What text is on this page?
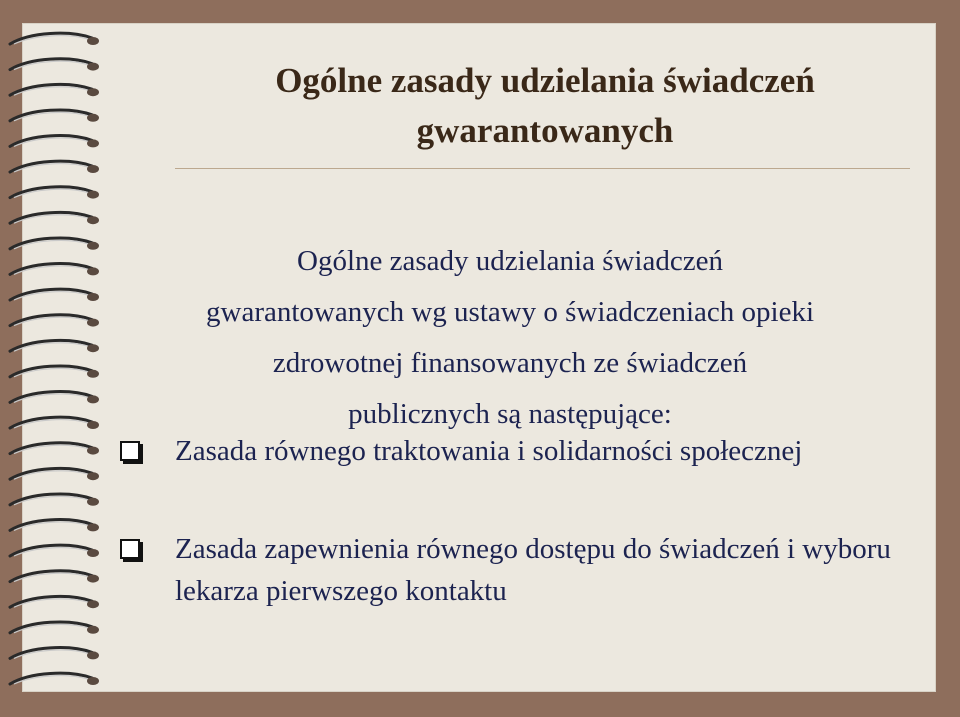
Ogólne zasady udzielania świadczeń gwarantowanych
Ogólne zasady udzielania świadczeń
gwarantowanych wg ustawy o świadczeniach opieki
zdrowotnej finansowanych ze świadczeń
publicznych są następujące:
Zasada równego traktowania i solidarności społecznej
Zasada zapewnienia równego dostępu do świadczeń i wyboru lekarza pierwszego kontaktu
